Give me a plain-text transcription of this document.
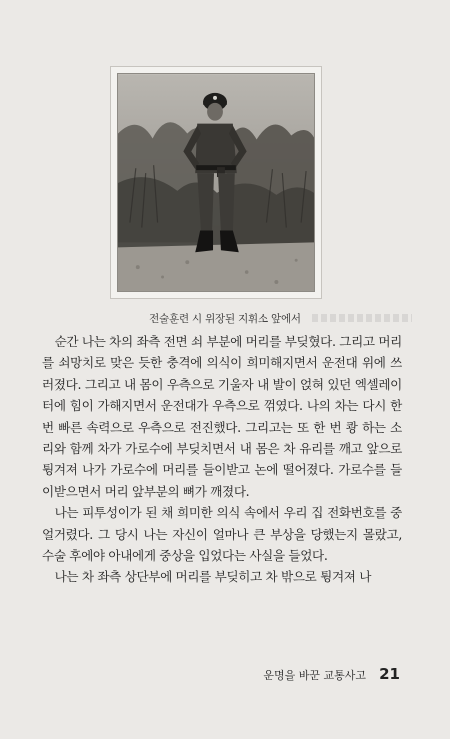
전술훈련 시 위장된 지휘소 앞에서

순간 나는 차의 좌측 전면 쇠 부분에 머리를 부딪혔다. 그리고 머리를 쇠망치로 맞은 듯한 충격에 의식이 희미해지면서 운전대 위에 쓰러졌다. 그리고 내 몸이 우측으로 기울자 내 발이 얹혀 있던 엑셀레이터에 힘이 가해지면서 운전대가 우측으로 꺾였다. 나의 차는 다시 한 번 빠른 속력으로 우측으로 전진했다. 그리고는 또 한 번 쾅 하는 소리와 함께 차가 가로수에 부딪치면서 내 몸은 차 유리를 깨고 앞으로 튕겨져 나가 가로수에 머리를 들이받고 논에 떨어졌다. 가로수를 들이받으면서 머리 앞부분의 뼈가 깨졌다.

나는 피투성이가 된 채 희미한 의식 속에서 우리 집 전화번호를 중얼거렸다. 그 당시 나는 자신이 얼마나 큰 부상을 당했는지 몰랐고, 수술 후에야 아내에게 중상을 입었다는 사실을 들었다.

나는 차 좌측 상단부에 머리를 부딪히고 차 밖으로 튕겨져 나

운명을 바꾼 교통사고 21
